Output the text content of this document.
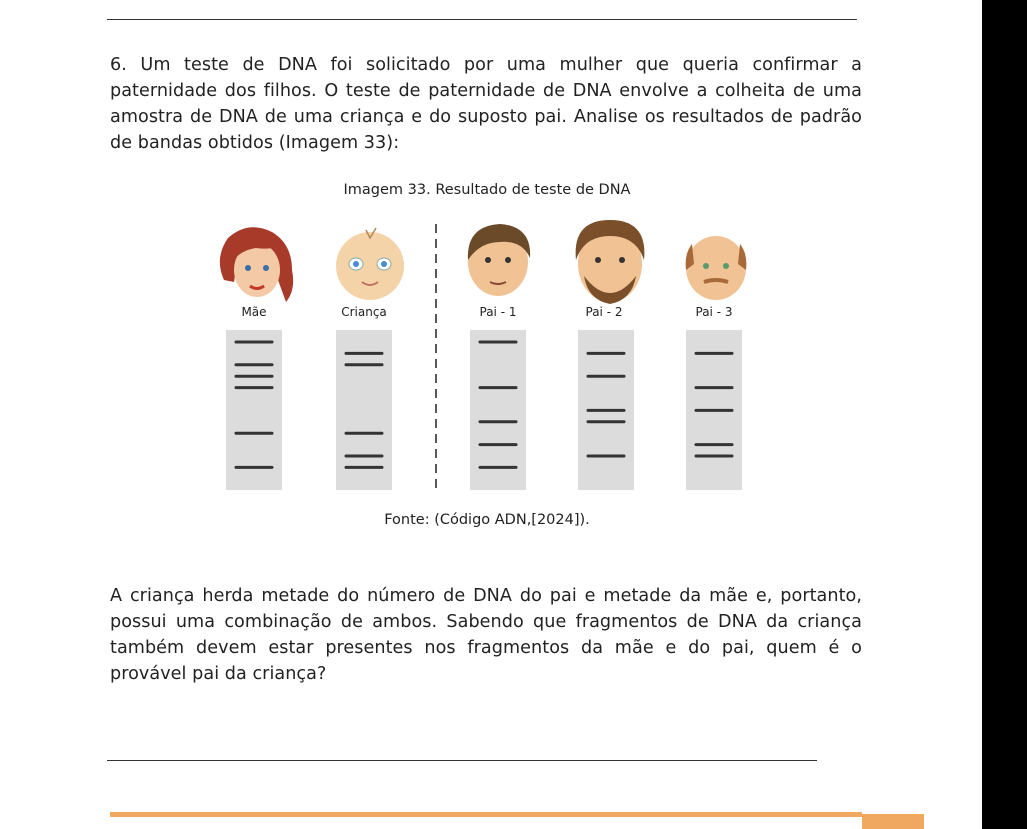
6. Um teste de DNA foi solicitado por uma mulher que queria confirmar a paternidade dos filhos. O teste de paternidade de DNA envolve a colheita de uma amostra de DNA de uma criança e do suposto pai. Analise os resultados de padrão de bandas obtidos (Imagem 33):

Imagem 33. Resultado de teste de DNA
Mãe	Criança	Pai - 1	Pai - 2	Pai - 3
Fonte: (Código ADN,[2024]).

A criança herda metade do número de DNA do pai e metade da mãe e, portanto, possui uma combinação de ambos. Sabendo que fragmentos de DNA da criança também devem estar presentes nos fragmentos da mãe e do pai, quem é o provável pai da criança?
